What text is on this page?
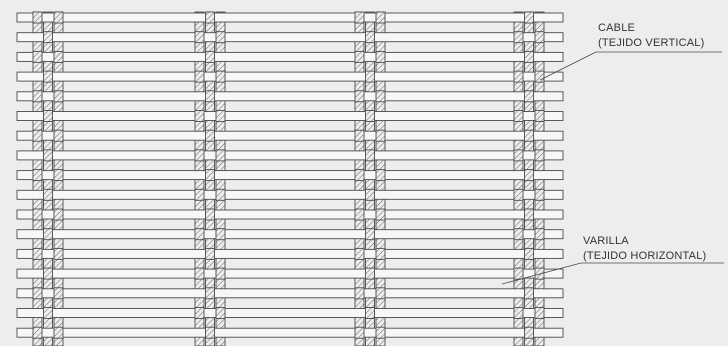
CABLE
(TEJIDO VERTICAL)
VARILLA
(TEJIDO HORIZONTAL)
